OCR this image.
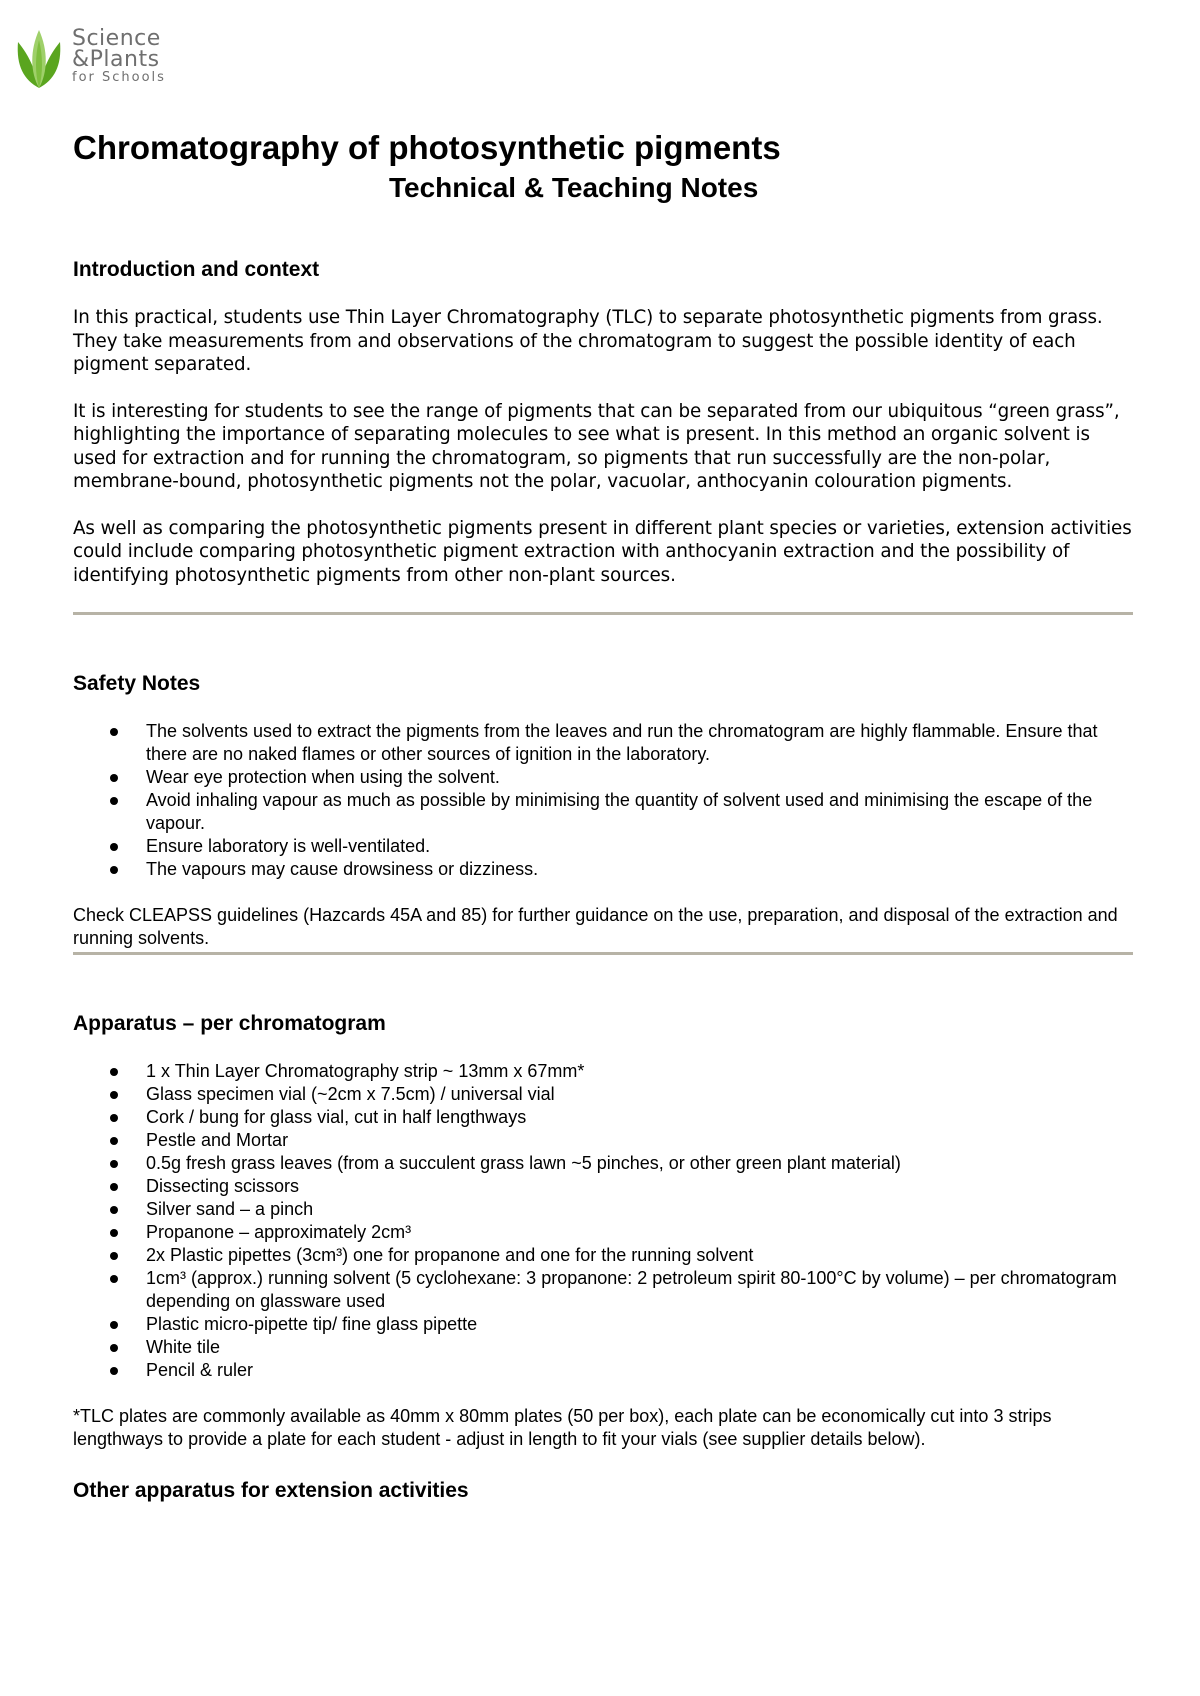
Science
&Plants
for Schools
Chromatography of photosynthetic pigments
Technical & Teaching Notes
Introduction and context

In this practical, students use Thin Layer Chromatography (TLC) to separate photosynthetic pigments from grass. They take measurements from and observations of the chromatogram to suggest the possible identity of each pigment separated.

It is interesting for students to see the range of pigments that can be separated from our ubiquitous “green grass”, highlighting the importance of separating molecules to see what is present. In this method an organic solvent is used for extraction and for running the chromatogram, so pigments that run successfully are the non-polar, membrane-bound, photosynthetic pigments not the polar, vacuolar, anthocyanin colouration pigments.

As well as comparing the photosynthetic pigments present in different plant species or varieties, extension activities could include comparing photosynthetic pigment extraction with anthocyanin extraction and the possibility of identifying photosynthetic pigments from other non-plant sources.

Safety Notes
The solvents used to extract the pigments from the leaves and run the chromatogram are highly flammable. Ensure that there are no naked flames or other sources of ignition in the laboratory.
Wear eye protection when using the solvent.
Avoid inhaling vapour as much as possible by minimising the quantity of solvent used and minimising the escape of the vapour.
Ensure laboratory is well-ventilated.
The vapours may cause drowsiness or dizziness.

Check CLEAPSS guidelines (Hazcards 45A and 85) for further guidance on the use, preparation, and disposal of the extraction and running solvents.

Apparatus – per chromatogram
1 x Thin Layer Chromatography strip ~ 13mm x 67mm*
Glass specimen vial (~2cm x 7.5cm) / universal vial
Cork / bung for glass vial, cut in half lengthways
Pestle and Mortar
0.5g fresh grass leaves (from a succulent grass lawn ~5 pinches, or other green plant material)
Dissecting scissors
Silver sand – a pinch
Propanone – approximately 2cm³
2x Plastic pipettes (3cm³) one for propanone and one for the running solvent
1cm³ (approx.) running solvent (5 cyclohexane: 3 propanone: 2 petroleum spirit 80-100°C by volume) – per chromatogram depending on glassware used
Plastic micro-pipette tip/ fine glass pipette
White tile
Pencil & ruler

*TLC plates are commonly available as 40mm x 80mm plates (50 per box), each plate can be economically cut into 3 strips lengthways to provide a plate for each student - adjust in length to fit your vials (see supplier details below).

Other apparatus for extension activities
